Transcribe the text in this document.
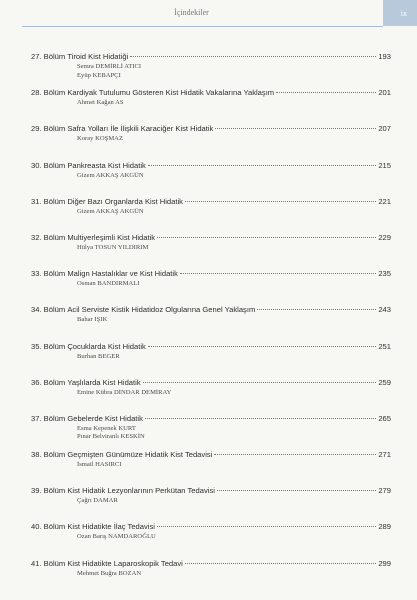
İçindekiler	ix
27. Bölüm
Tiroid Kist Hidatiği	193
Semra DEMİRLİ ATICI
Eyüp KEBAPÇI
28. Bölüm
Kardiyak Tutulumu Gösteren Kist Hidatik Vakalarına Yaklaşım	201
Ahmet Kağan AS
29. Bölüm
Safra Yolları İle İlişkili Karaciğer Kist Hidatik	207
Koray KOŞMAZ
30. Bölüm
Pankreasta Kist Hidatik	215
Gizem AKKAŞ AKGÜN
31. Bölüm
Diğer Bazı Organlarda Kist Hidatik	221
Gizem AKKAŞ AKGÜN
32. Bölüm
Multiyerleşimli Kist Hidatik	229
Hülya TOSUN YILDIRIM
33. Bölüm
Malign Hastalıklar ve Kist Hidatik	235
Osman BANDIRMALI
34. Bölüm
Acil Serviste Kistik Hidatidoz Olgularına Genel Yaklaşım	243
Bahar IŞIK
35. Bölüm
Çocuklarda Kist Hidatik	251
Burhan BEGER
36. Bölüm
Yaşlılarda Kist Hidatik	259
Emine Kübra DİNDAR DEMİRAY
37. Bölüm
Gebelerde Kist Hidatik	265
Esma Kepenek KURT
Pınar Belviranlı KESKİN
38. Bölüm
Geçmişten Günümüze Hidatik Kist Tedavisi	271
İsmail HASIRCI
39. Bölüm
Kist Hidatik Lezyonlarının Perkütan Tedavisi	279
Çağrı DAMAR
40. Bölüm
Kist Hidatikte İlaç Tedavisi	289
Ozan Barış NAMDAROĞLU
41. Bölüm
Kist Hidatikte Laparoskopik Tedavi	299
Mehmet Buğra BOZAN
